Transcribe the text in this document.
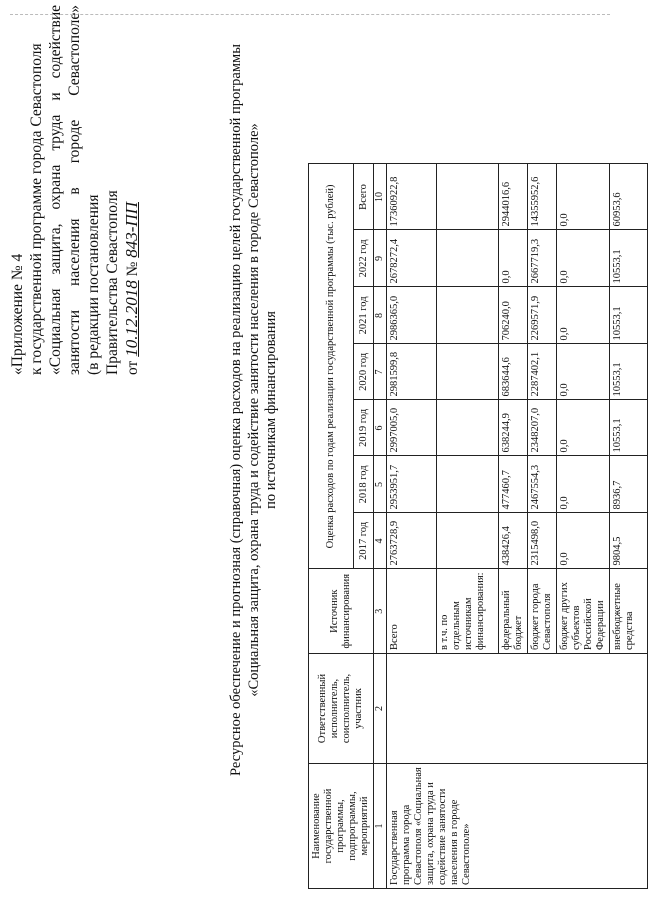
«Приложение № 4 к государственной программе города Севастополя «Социальная защита, охрана труда и содействие занятости населения в городе Севастополе» (в редакции постановления Правительства Севастополя от 10.12.2018 № 843-ПП	Ресурсное обеспечение и прогнозная (справочная) оценка расходов на реализацию целей государственной программы «Социальная защита, охрана труда и содействие занятости населения в городе Севастополе» по источникам финансирования
Наименование государственной программы, подпрограммы, мероприятий	Ответственный исполнитель, соисполнитель, участник	Источник финансирования	Оценка расходов по годам реализации государственной программы (тыс. рублей)						
			2017 год	2018 год	2019 год	2020 год	2021 год	2022 год	Всего
1	2	3	4	5	6	7	8	9	10
Государственная программа города Севастополя «Социальная защита, охрана труда и содействие занятости населения в городе Севастополе»		Всего	2763728,9	2953951,7	2997005,0	2981599,8	2986365,0	2678272,4	17360922,8
		в т.ч. по отдельным источникам финансирования:							
		федеральный бюджет	438426,4	477460,7	638244,9	683644,6	706240,0	0,0	2944016,6
		бюджет города Севастополя	2315498,0	2467554,3	2348207,0	2287402,1	2269571,9	2667719,3	14355952,6
		бюджет других субъектов Российской Федерации	0,0	0,0	0,0	0,0	0,0	0,0	0,0
		внебюджетные средства	9804,5	8936,7	10553,1	10553,1	10553,1	10553,1	60953,6
